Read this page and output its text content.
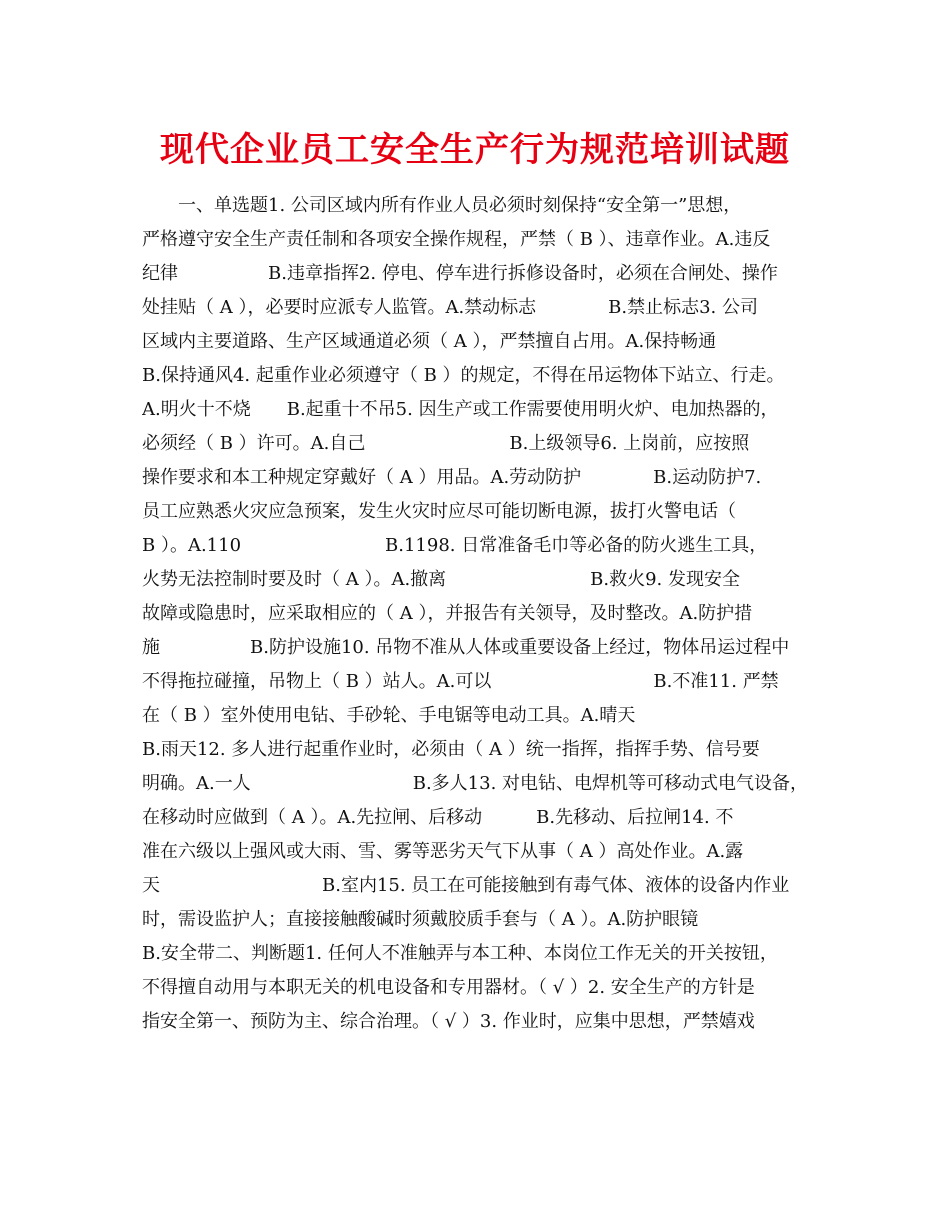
现代企业员工安全生产行为规范培训试题
　　一、单选题1. 公司区域内所有作业人员必须时刻保持“安全第一”思想，
严格遵守安全生产责任制和各项安全操作规程，严禁（ B ）、违章作业。A.违反
纪律　　　　　B.违章指挥2. 停电、停车进行拆修设备时，必须在合闸处、操作
处挂贴（ A ），必要时应派专人监管。A.禁动标志　　　　B.禁止标志3. 公司
区域内主要道路、生产区域通道必须（ A ），严禁擅自占用。A.保持畅通
B.保持通风4. 起重作业必须遵守（ B ）的规定，不得在吊运物体下站立、行走。
A.明火十不烧　　B.起重十不吊5. 因生产或工作需要使用明火炉、电加热器的，
必须经（ B ）许可。A.自己　　　　　　　　B.上级领导6. 上岗前，应按照
操作要求和本工种规定穿戴好（ A ）用品。A.劳动防护　　　　B.运动防护7.
员工应熟悉火灾应急预案，发生火灾时应尽可能切断电源，拔打火警电话（
B ）。A.110　　　　　　　　B.1198. 日常准备毛巾等必备的防火逃生工具，
火势无法控制时要及时（ A ）。A.撤离　　　　　　　　B.救火9. 发现安全
故障或隐患时，应采取相应的（ A ），并报告有关领导，及时整改。A.防护措
施　　　　　B.防护设施10. 吊物不准从人体或重要设备上经过，物体吊运过程中
不得拖拉碰撞，吊物上（ B ）站人。A.可以　　　　　　　　　B.不准11. 严禁
在（ B ）室外使用电钻、手砂轮、手电锯等电动工具。A.晴天
B.雨天12. 多人进行起重作业时，必须由（ A ）统一指挥，指挥手势、信号要
明确。A.一人　　　　　　　　　B.多人13. 对电钻、电焊机等可移动式电气设备，
在移动时应做到（ A ）。A.先拉闸、后移动　　　B.先移动、后拉闸14. 不
准在六级以上强风或大雨、雪、雾等恶劣天气下从事（ A ）高处作业。A.露
天　　　　　　　　　B.室内15. 员工在可能接触到有毒气体、液体的设备内作业
时，需设监护人；直接接触酸碱时须戴胶质手套与（ A ）。A.防护眼镜
B.安全带二、判断题1. 任何人不准触弄与本工种、本岗位工作无关的开关按钮，
不得擅自动用与本职无关的机电设备和专用器材。（ √ ）2. 安全生产的方针是
指安全第一、预防为主、综合治理。（ √ ）3. 作业时，应集中思想，严禁嬉戏
